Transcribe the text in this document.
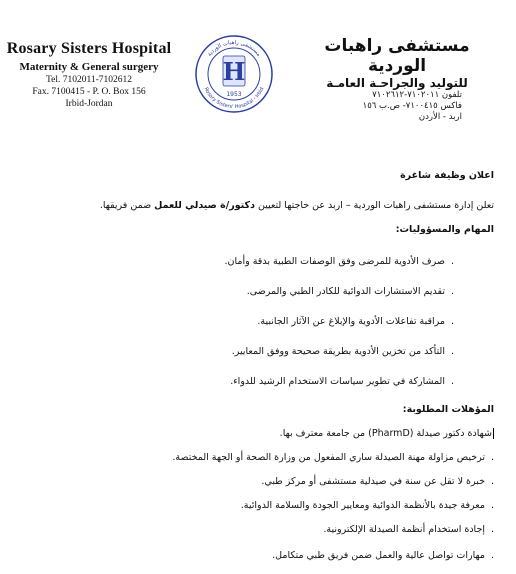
Rosary Sisters Hospital
Maternity & General surgery
Tel. 7102011-7102612
Fax. 7100415 - P. O. Box 156
Irbid-Jordan
مستشفى راهبات الوردية
Rosary Sisters' Hospital - Irbid
H
1953
مستشفى راهبات الوردية
للتوليد والجراحـة العامـة
تلفون ٧١٠٢٠١١-٧١٠٢٦١٢
فاكس ٧١٠٠٤١٥- ص.ب ١٥٦
اربد - الأردن
اعلان وظيفة شاغرة
تعلن إدارة مستشفى راهبات الوردية – اربد عن حاجتها لتعيين دكتور/ة صيدلي للعمل ضمن فريقها.
المهام والمسؤوليات:
. صرف الأدوية للمرضى وفق الوصفات الطبية بدقة وأمان.
. تقديم الاستشارات الدوائية للكادر الطبي والمرضى.
. مراقبة تفاعلات الأدوية والإبلاغ عن الآثار الجانبية.
. التأكد من تخزين الأدوية بطريقة صحيحة ووفق المعايير.
. المشاركة في تطوير سياسات الاستخدام الرشيد للدواء.
المؤهلات المطلوبة:
شهادة دكتور صيدلة (PharmD) من جامعة معترف بها.
. ترخيص مزاولة مهنة الصيدلة ساري المفعول من وزارة الصحة أو الجهة المختصة.
. خبرة لا تقل عن سنة في صيدلية مستشفى أو مركز طبي.
. معرفة جيدة بالأنظمة الدوائية ومعايير الجودة والسلامة الدوائية.
. إجادة استخدام أنظمة الصيدلة الإلكترونية.
. مهارات تواصل عالية والعمل ضمن فريق طبي متكامل.
